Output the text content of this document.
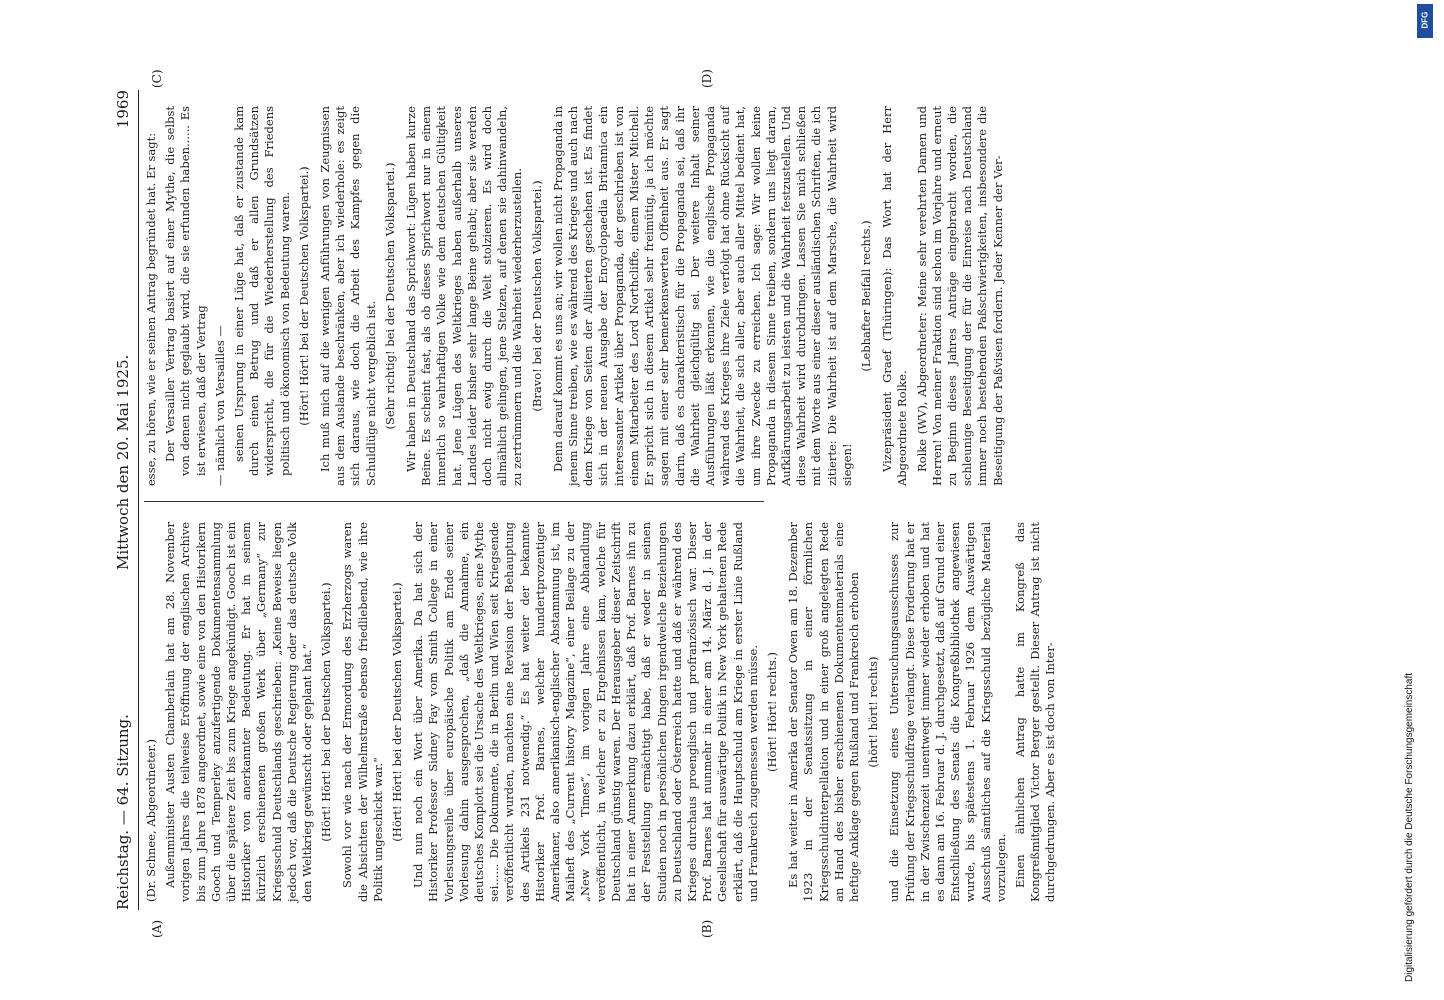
Reichstag. — 64. Sitzung.
Mittwoch den 20. Mai 1925.
1969
(A)	(B)
(C)	(D)

(Dr. Schnee, Abgeordneter.) Außenminister Austen Chamberlain hat am 28. November vorigen Jahres die teilweise Eröffnung der englischen Archive bis zum Jahre 1878 angeordnet, sowie eine von den Historikern Gooch und Temperley anzufertigende Dokumentensammlung über die spätere Zeit bis zum Kriege angekündigt. Gooch ist ein Historiker von anerkannter Bedeutung. Er hat in seinem kürzlich erschienenen großen Werk über „Germany“ zur Kriegsschuld Deutschlands geschrieben: „Keine Beweise liegen jedoch vor, daß die Deutsche Regierung oder das deutsche Volk den Weltkrieg gewünscht oder geplant hat.“ (Hört! Hört! bei der Deutschen Volkspartei.) Sowohl vor wie nach der Ermordung des Erzherzogs waren die Absichten der Wilhelmstraße ebenso friedliebend, wie ihre Politik ungeschickt war.“ (Hört! Hört! bei der Deutschen Volkspartei.) Und nun noch ein Wort über Amerika. Da hat sich der Historiker Professor Sidney Fay vom Smith College in einer Vorlesungsreihe über europäische Politik am Ende seiner Vorlesung dahin ausgesprochen, „daß die Annahme, ein deutsches Komplott sei die Ursache des Weltkrieges, eine Mythe sei...... Die Dokumente, die in Berlin und Wien seit Kriegsende veröffentlicht wurden, machten eine Revision der Behauptung des Artikels 231 notwendig.“ Es hat weiter der bekannte Historiker Prof. Barnes, welcher hundertprozentiger Amerikaner, also amerikanisch-englischer Abstammung ist, im Maiheft des „Current history Magazine“, einer Beilage zu der „New York Times“, im vorigen Jahre eine Abhandlung veröffentlicht, in welcher er zu Ergebnissen kam, welche für Deutschland günstig waren. Der Herausgeber dieser Zeitschrift hat in einer Anmerkung dazu erklärt, daß Prof. Barnes ihn zu der Feststellung ermächtigt habe, daß er weder in seinen Studien noch in persönlichen Dingen irgendwelche Beziehungen zu Deutschland oder Österreich hatte und daß er während des Krieges durchaus proenglisch und profranzösisch war. Dieser Prof. Barnes hat nunmehr in einer am 14. März d. J. in der Gesellschaft für auswärtige Politik in New York gehaltenen Rede erklärt, daß die Hauptschuld am Kriege in erster Linie Rußland und Frankreich zugemessen werden müsse. (Hört! Hört! rechts.) Es hat weiter in Amerika der Senator Owen am 18. Dezember 1923 in der Senatssitzung in einer förmlichen Kriegsschuldinterpellation und in einer groß angelegten Rede an Hand des bisher erschienenen Dokumentenmaterials eine heftige Anklage gegen Rußland und Frankreich erhoben (hört! hört! rechts) und die Einsetzung eines Untersuchungsausschusses zur Prüfung der Kriegsschuldfrage verlangt. Diese Forderung hat er in der Zwischenzeit unentwegt immer wieder erhoben und hat es dann am 16. Februar d. J. durchgesetzt, daß auf Grund einer Entschließung des Senats die Kongreßbibliothek angewiesen wurde, bis spätestens 1. Februar 1926 dem Auswärtigen Ausschuß sämtliches auf die Kriegsschuld bezügliche Material vorzulegen. Einen ähnlichen Antrag hatte im Kongreß das Kongreßmitglied Victor Berger gestellt. Dieser Antrag ist nicht durchgedrungen. Aber es ist doch von Inter-

esse, zu hören, wie er seinen Antrag begründet hat. Er sagt: Der Versailler Vertrag basiert auf einer Mythe, die selbst von denen nicht geglaubt wird, die sie erfunden haben...... Es ist erwiesen, daß der Vertrag — nämlich von Versailles — seinen Ursprung in einer Lüge hat, daß er zustande kam durch einen Betrug und daß er allen Grundsätzen widerspricht, die für die Wiederherstellung des Friedens politisch und ökonomisch von Bedeutung waren. (Hört! Hört! bei der Deutschen Volkspartei.) Ich muß mich auf die wenigen Anführungen von Zeugnissen aus dem Auslande beschränken, aber ich wiederhole: es zeigt sich daraus, wie doch die Arbeit des Kampfes gegen die Schuldlüge nicht vergeblich ist. (Sehr richtig! bei der Deutschen Volkspartei.) Wir haben in Deutschland das Sprichwort: Lügen haben kurze Beine. Es scheint fast, als ob dieses Sprichwort nur in einem innerlich so wahrhaftigen Volke wie dem deutschen Gültigkeit hat. Jene Lügen des Weltkrieges haben außerhalb unseres Landes leider bisher sehr lange Beine gehabt; aber sie werden doch nicht ewig durch die Welt stolzieren. Es wird doch allmählich gelingen, jene Stelzen, auf denen sie dahinwandeln, zu zertrümmern und die Wahrheit wiederherzustellen. (Bravo! bei der Deutschen Volkspartei.) Denn darauf kommt es uns an; wir wollen nicht Propaganda in jenem Sinne treiben, wie es während des Krieges und auch nach dem Kriege von Seiten der Alliierten geschehen ist. Es findet sich in der neuen Ausgabe der Encyclopaedia Britannica ein interessanter Artikel über Propaganda, der geschrieben ist von einem Mitarbeiter des Lord Northcliffe, einem Mister Mitchell. Er spricht sich in diesem Artikel sehr freimütig, ja ich möchte sagen mit einer sehr bemerkenswerten Offenheit aus. Er sagt darin, daß es charakteristisch für die Propaganda sei, daß ihr die Wahrheit gleichgültig sei. Der weitere Inhalt seiner Ausführungen läßt erkennen, wie die englische Propaganda während des Krieges ihre Ziele verfolgt hat ohne Rücksicht auf die Wahrheit, die sich aller, aber auch aller Mittel bedient hat, um ihre Zwecke zu erreichen. Ich sage: Wir wollen keine Propaganda in diesem Sinne treiben, sondern uns liegt daran, Aufklärungsarbeit zu leisten und die Wahrheit festzustellen. Und diese Wahrheit wird durchdringen. Lassen Sie mich schließen mit dem Worte aus einer dieser ausländischen Schriften, die ich zitierte: Die Wahrheit ist auf dem Marsche, die Wahrheit wird siegen!

(Lebhafter Beifall rechts.) Vizepräsident Graef (Thüringen): Das Wort hat der Herr Abgeordnete Rolke. Rolke (WV), Abgeordneter: Meine sehr verehrten Damen und Herren! Von meiner Fraktion sind schon im Vorjahre und erneut zu Beginn dieses Jahres Anträge eingebracht worden, die schleunige Beseitigung der für die Einreise nach Deutschland immer noch bestehenden Paßschwierigkeiten, insbesondere die Beseitigung der Paßvisen fordern. Jeder Kenner der Ver-

Digitalisierung gefördert durch die Deutsche Forschungsgemeinschaft
DFG
